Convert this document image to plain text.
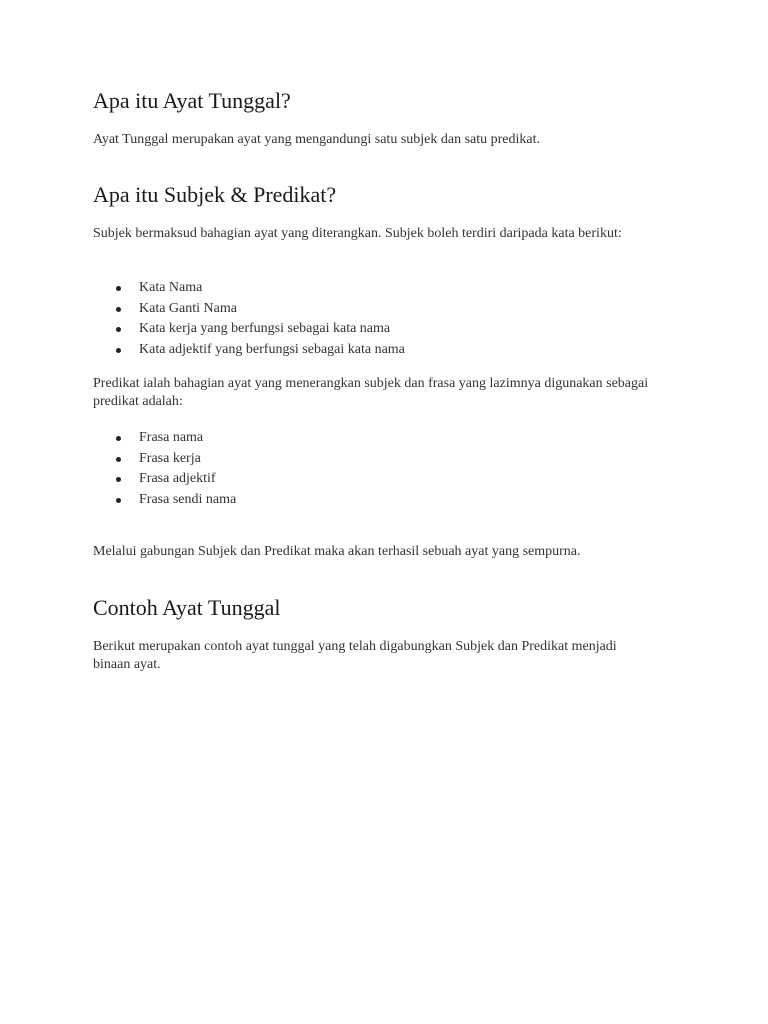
Apa itu Ayat Tunggal?

Ayat Tunggal merupakan ayat yang mengandungi satu subjek dan satu predikat.

Apa itu Subjek & Predikat?

Subjek bermaksud bahagian ayat yang diterangkan. Subjek boleh terdiri daripada kata berikut:

Kata Nama
Kata Ganti Nama
Kata kerja yang berfungsi sebagai kata nama
Kata adjektif yang berfungsi sebagai kata nama

Predikat ialah bahagian ayat yang menerangkan subjek dan frasa yang lazimnya digunakan sebagai predikat adalah:

Frasa nama
Frasa kerja
Frasa adjektif
Frasa sendi nama

Melalui gabungan Subjek dan Predikat maka akan terhasil sebuah ayat yang sempurna.

Contoh Ayat Tunggal

Berikut merupakan contoh ayat tunggal yang telah digabungkan Subjek dan Predikat menjadi binaan ayat.
